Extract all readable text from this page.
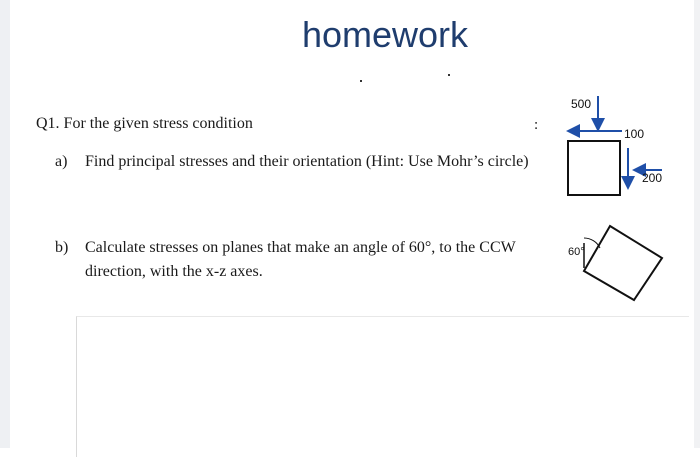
homework
Q1. For the given stress condition	:
a) Find principal stresses and their orientation (Hint: Use Mohr’s circle)
b) Calculate stresses on planes that make an angle of 60°, to the CCW
direction, with the x-z axes.
500
100
200
60°
